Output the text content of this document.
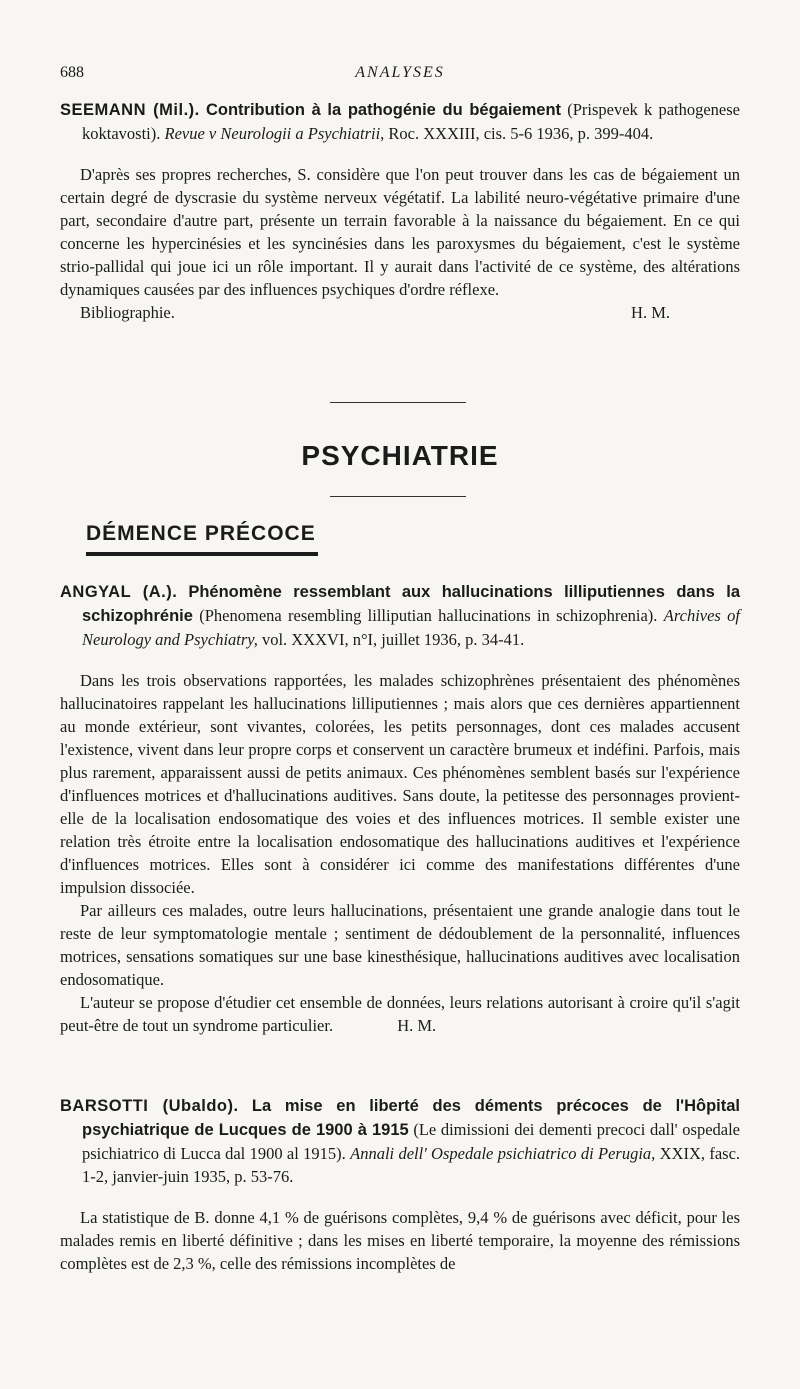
688	ANALYSES

SEEMANN (Mil.). Contribution à la pathogénie du bégaiement (Prispevek k pathogenese koktavosti). Revue v Neurologii a Psychiatrii, Roc. XXXIII, cis. 5-6 1936, p. 399-404.

D'après ses propres recherches, S. considère que l'on peut trouver dans les cas de bégaiement un certain degré de dyscrasie du système nerveux végétatif. La labilité neuro-végétative primaire d'une part, secondaire d'autre part, présente un terrain favorable à la naissance du bégaiement. En ce qui concerne les hypercinésies et les syncinésies dans les paroxysmes du bégaiement, c'est le système strio-pallidal qui joue ici un rôle important. Il y aurait dans l'activité de ce système, des altérations dynamiques causées par des influences psychiques d'ordre réflexe.

Bibliographie.	H. M.

PSYCHIATRIE
DÉMENCE PRÉCOCE

ANGYAL (A.). Phénomène ressemblant aux hallucinations lilliputiennes dans la schizophrénie (Phenomena resembling lilliputian hallucinations in schizophrenia). Archives of Neurology and Psychiatry, vol. XXXVI, n°I, juillet 1936, p. 34-41.

Dans les trois observations rapportées, les malades schizophrènes présentaient des phénomènes hallucinatoires rappelant les hallucinations lilliputiennes ; mais alors que ces dernières appartiennent au monde extérieur, sont vivantes, colorées, les petits personnages, dont ces malades accusent l'existence, vivent dans leur propre corps et conservent un caractère brumeux et indéfini. Parfois, mais plus rarement, apparaissent aussi de petits animaux. Ces phénomènes semblent basés sur l'expérience d'influences motrices et d'hallucinations auditives. Sans doute, la petitesse des personnages provient-elle de la localisation endosomatique des voies et des influences motrices. Il semble exister une relation très étroite entre la localisation endosomatique des hallucinations auditives et l'expérience d'influences motrices. Elles sont à considérer ici comme des manifestations différentes d'une impulsion dissociée.

Par ailleurs ces malades, outre leurs hallucinations, présentaient une grande analogie dans tout le reste de leur symptomatologie mentale ; sentiment de dédoublement de la personnalité, influences motrices, sensations somatiques sur une base kinesthésique, hallucinations auditives avec localisation endosomatique.

L'auteur se propose d'étudier cet ensemble de données, leurs relations autorisant à croire qu'il s'agit peut-être de tout un syndrome particulier.	H. M.

BARSOTTI (Ubaldo). La mise en liberté des déments précoces de l'Hôpital psychiatrique de Lucques de 1900 à 1915 (Le dimissioni dei dementi precoci dall' ospedale psichiatrico di Lucca dal 1900 al 1915). Annali dell' Ospedale psichiatrico di Perugia, XXIX, fasc. 1-2, janvier-juin 1935, p. 53-76.

La statistique de B. donne 4,1 % de guérisons complètes, 9,4 % de guérisons avec déficit, pour les malades remis en liberté définitive ; dans les mises en liberté temporaire, la moyenne des rémissions complètes est de 2,3 %, celle des rémissions incomplètes de
